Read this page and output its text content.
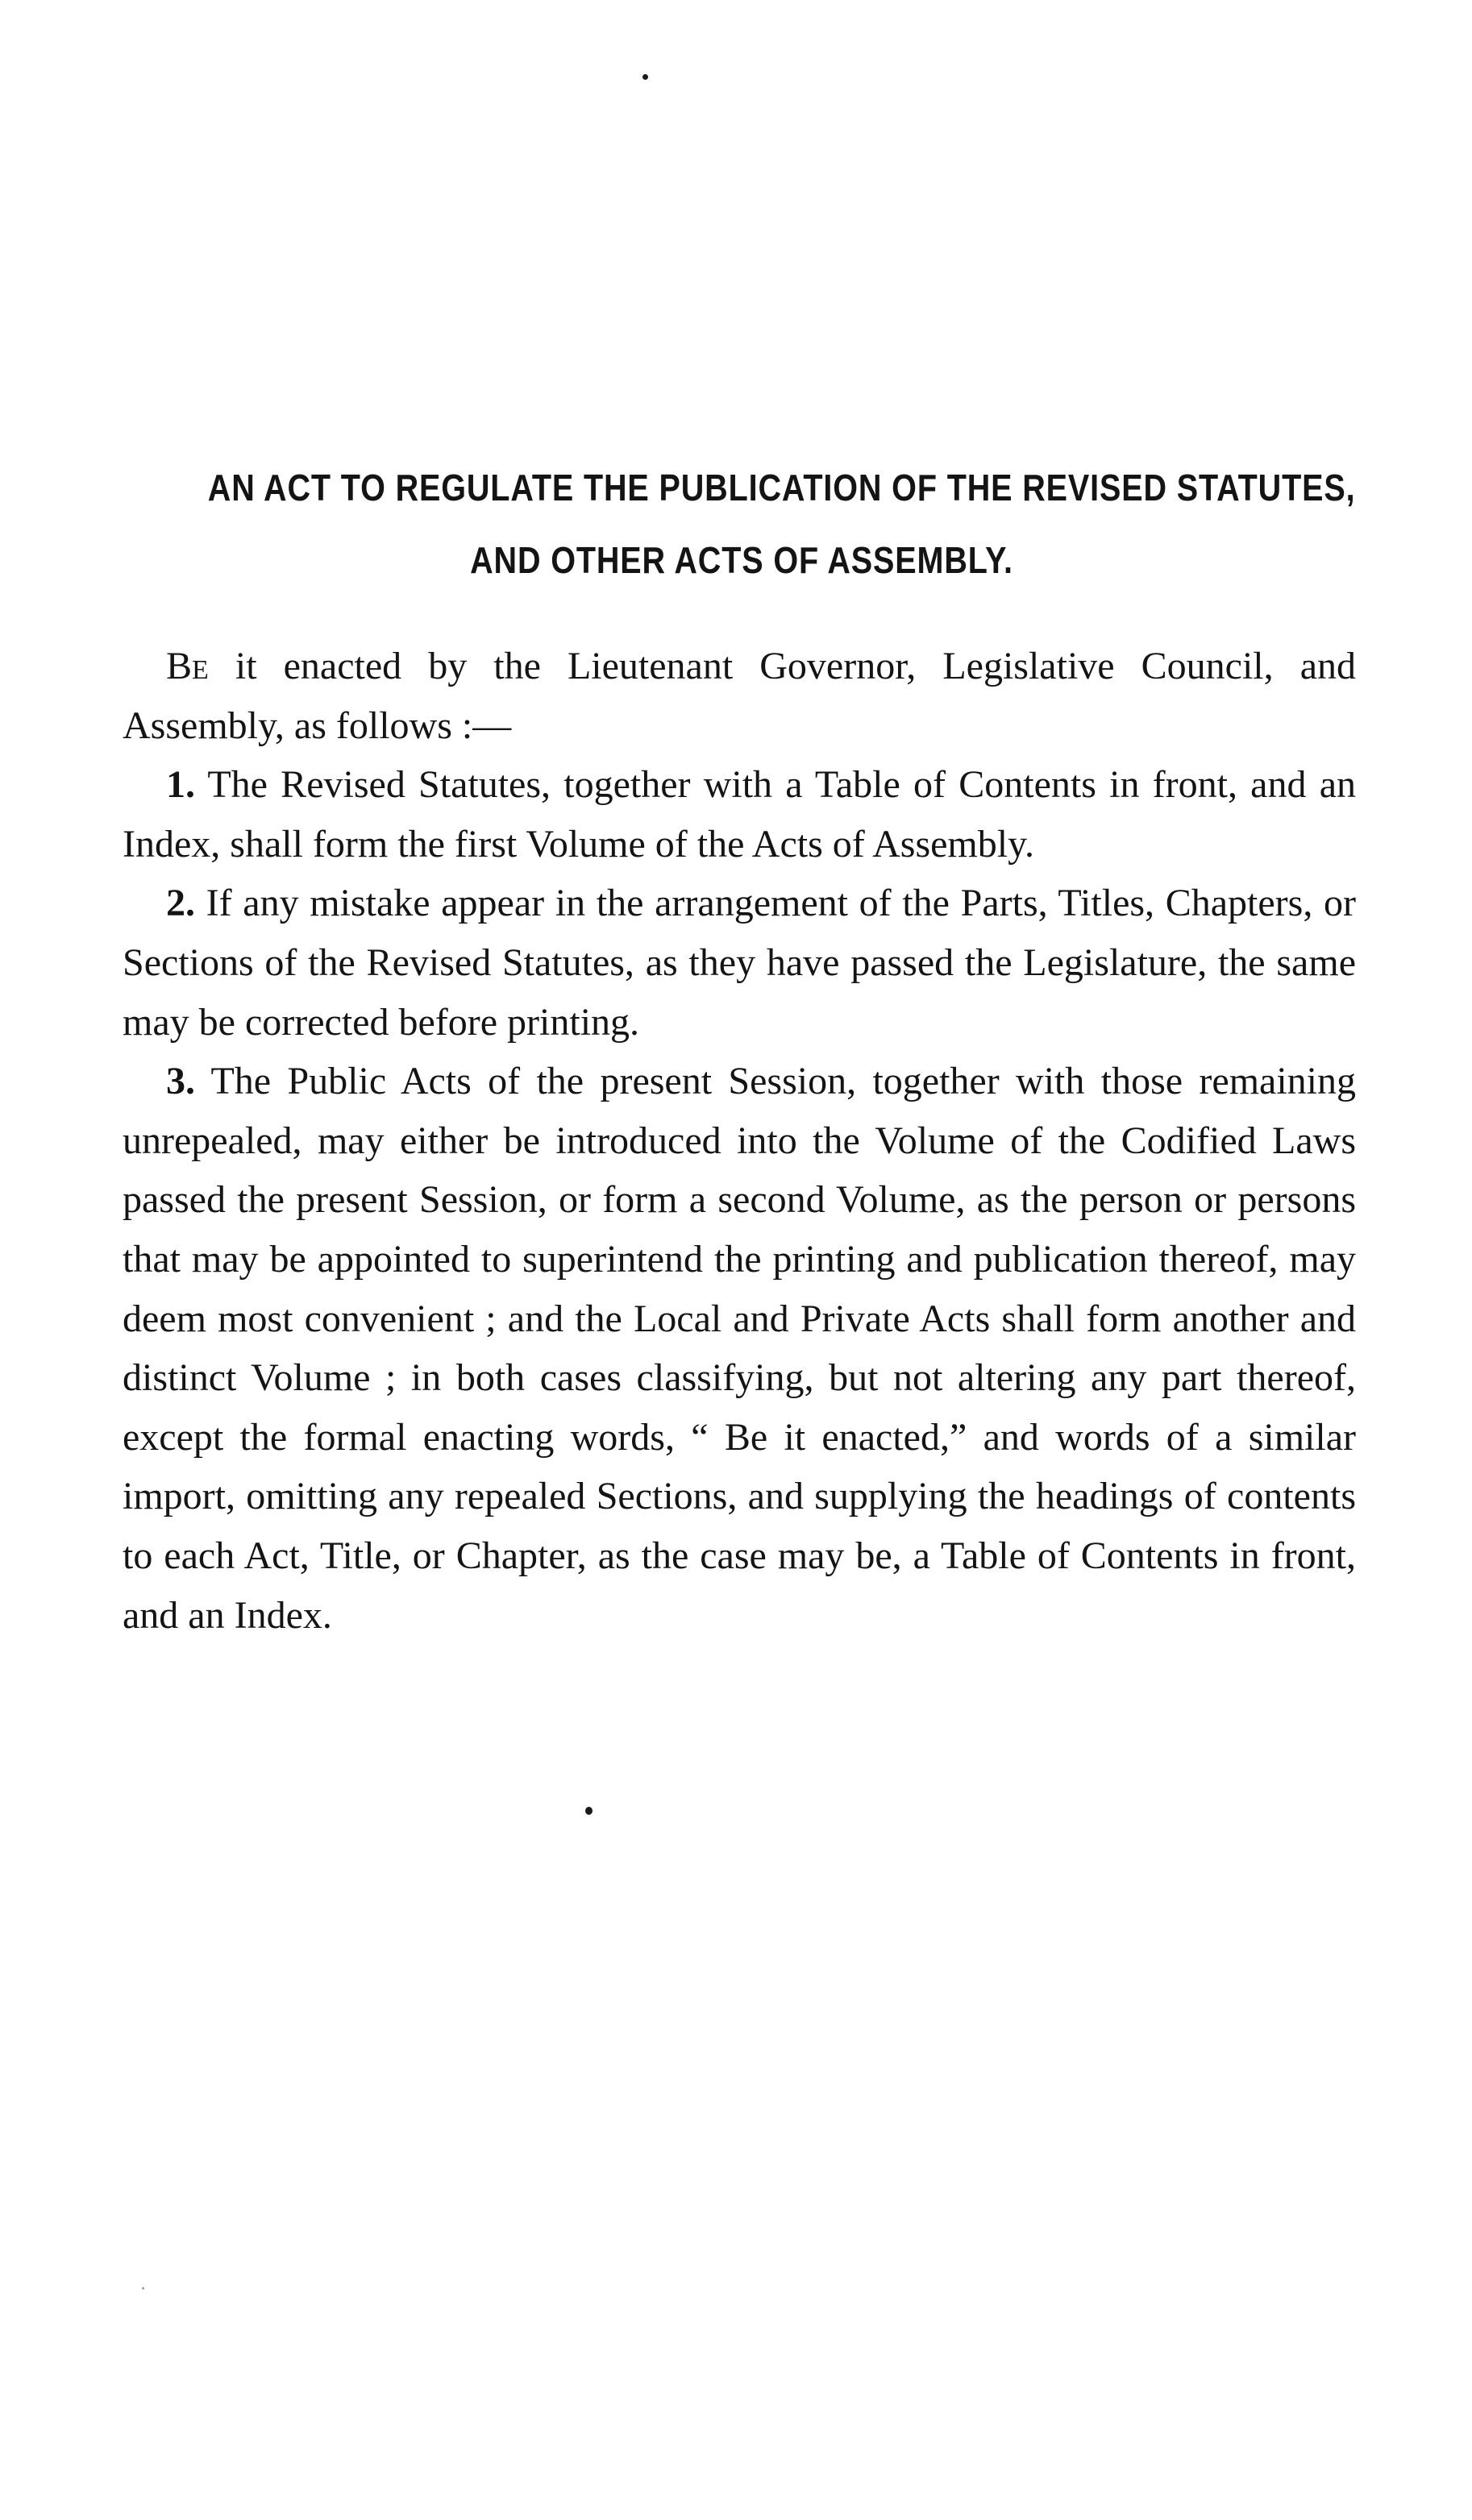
AN ACT TO REGULATE THE PUBLICATION OF THE REVISED STATUTES,
AND OTHER ACTS OF ASSEMBLY.

Be it enacted by the Lieutenant Governor, Legislative Council, and Assembly, as follows :—

1. The Revised Statutes, together with a Table of Contents in front, and an Index, shall form the first Volume of the Acts of Assembly.

2. If any mistake appear in the arrangement of the Parts, Titles, Chapters, or Sections of the Revised Statutes, as they have passed the Legislature, the same may be corrected before printing.

3. The Public Acts of the present Session, together with those remaining unrepealed, may either be introduced into the Volume of the Codified Laws passed the present Session, or form a second Volume, as the person or persons that may be appointed to superintend the printing and publication thereof, may deem most convenient ; and the Local and Private Acts shall form another and distinct Volume ; in both cases classifying, but not altering any part thereof, except the formal enacting words, “ Be it enacted,” and words of a similar import, omitting any repealed Sections, and supplying the headings of contents to each Act, Title, or Chapter, as the case may be, a Table of Contents in front, and an Index.
